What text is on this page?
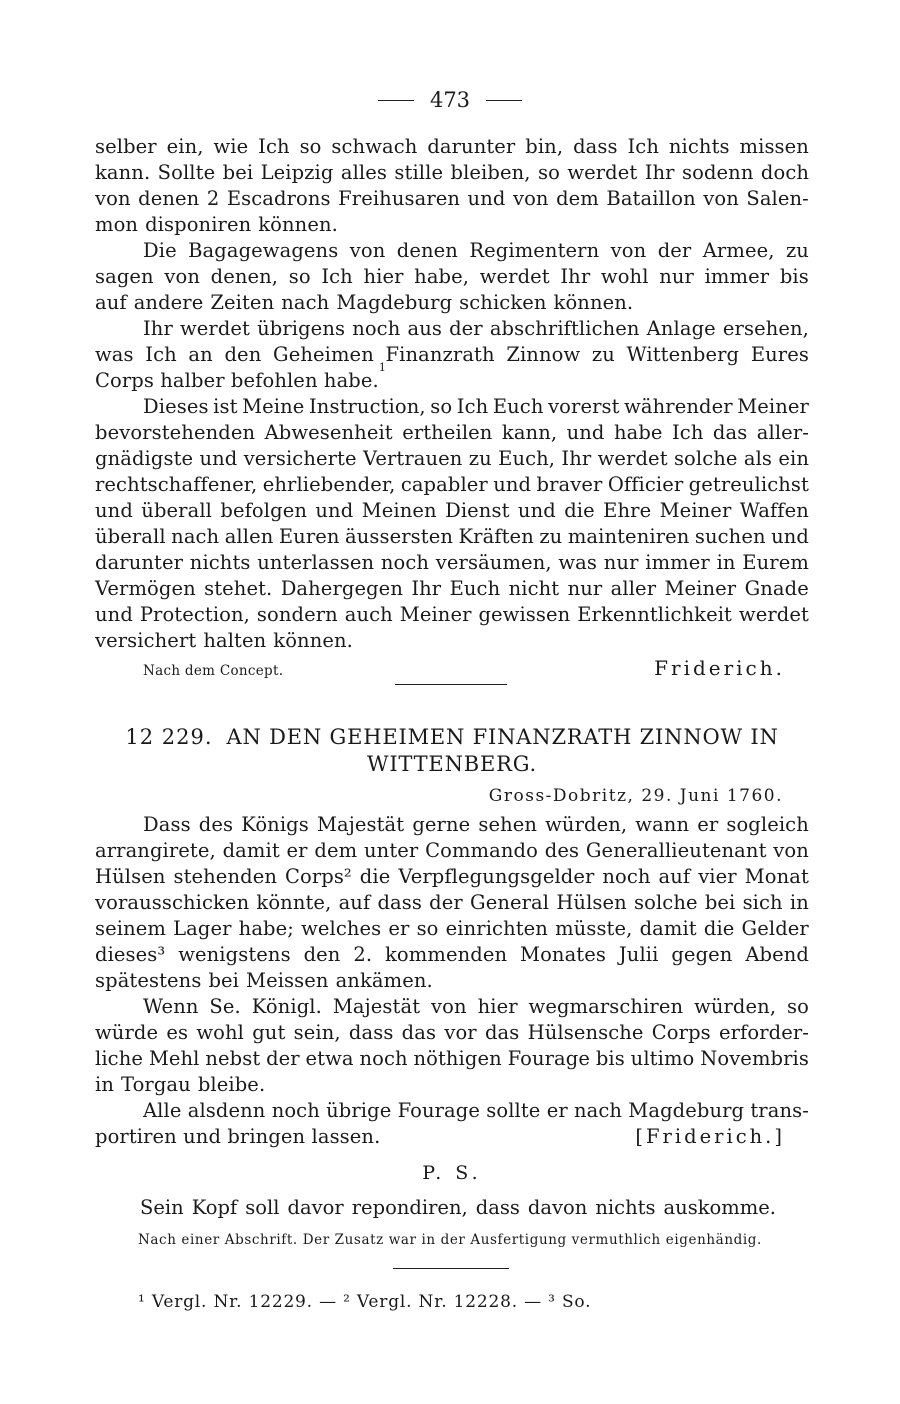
473
selber ein, wie Ich so schwach darunter bin, dass Ich nichts missen
kann. Sollte bei Leipzig alles stille bleiben, so werdet Ihr sodenn doch
von denen 2 Escadrons Freihusaren und von dem Bataillon von Salen-
mon disponiren können.
Die Bagagewagens von denen Regimentern von der Armee, zu
sagen von denen, so Ich hier habe, werdet Ihr wohl nur immer bis
auf andere Zeiten nach Magdeburg schicken können.
Ihr werdet übrigens noch aus der abschriftlichen Anlage ersehen,
was Ich an den Geheimen Finanzrath Zinnow zu Wittenberg Eures
Corps halber befohlen habe.
1
Dieses ist Meine Instruction, so Ich Euch vorerst währender Meiner
bevorstehenden Abwesenheit ertheilen kann, und habe Ich das aller-
gnädigste und versicherte Vertrauen zu Euch, Ihr werdet solche als ein
rechtschaffener, ehrliebender, capabler und braver Officier getreulichst
und überall befolgen und Meinen Dienst und die Ehre Meiner Waffen
überall nach allen Euren äussersten Kräften zu mainteniren suchen und
darunter nichts unterlassen noch versäumen, was nur immer in Eurem
Vermögen stehet. Dahergegen Ihr Euch nicht nur aller Meiner Gnade
und Protection, sondern auch Meiner gewissen Erkenntlichkeit werdet
versichert halten können.
Nach dem Concept.	Friderich.
12 229. AN DEN GEHEIMEN FINANZRATH ZINNOW IN
WITTENBERG.
Gross-Dobritz, 29. Juni 1760.
Dass des Königs Majestät gerne sehen würden, wann er sogleich
arrangirete, damit er dem unter Commando des Generallieutenant von
Hülsen stehenden Corps² die Verpflegungsgelder noch auf vier Monat
vorausschicken könnte, auf dass der General Hülsen solche bei sich in
seinem Lager habe; welches er so einrichten müsste, damit die Gelder
dieses³ wenigstens den 2. kommenden Monates Julii gegen Abend
spätestens bei Meissen ankämen.
Wenn Se. Königl. Majestät von hier wegmarschiren würden, so
würde es wohl gut sein, dass das vor das Hülsensche Corps erforder-
liche Mehl nebst der etwa noch nöthigen Fourage bis ultimo Novembris
in Torgau bleibe.
Alle alsdenn noch übrige Fourage sollte er nach Magdeburg trans-
portiren und bringen lassen.	[Friderich.]
P. S.
Sein Kopf soll davor repondiren, dass davon nichts auskomme.
Nach einer Abschrift. Der Zusatz war in der Ausfertigung vermuthlich eigenhändig.
¹ Vergl. Nr. 12229. — ² Vergl. Nr. 12228. — ³ So.
